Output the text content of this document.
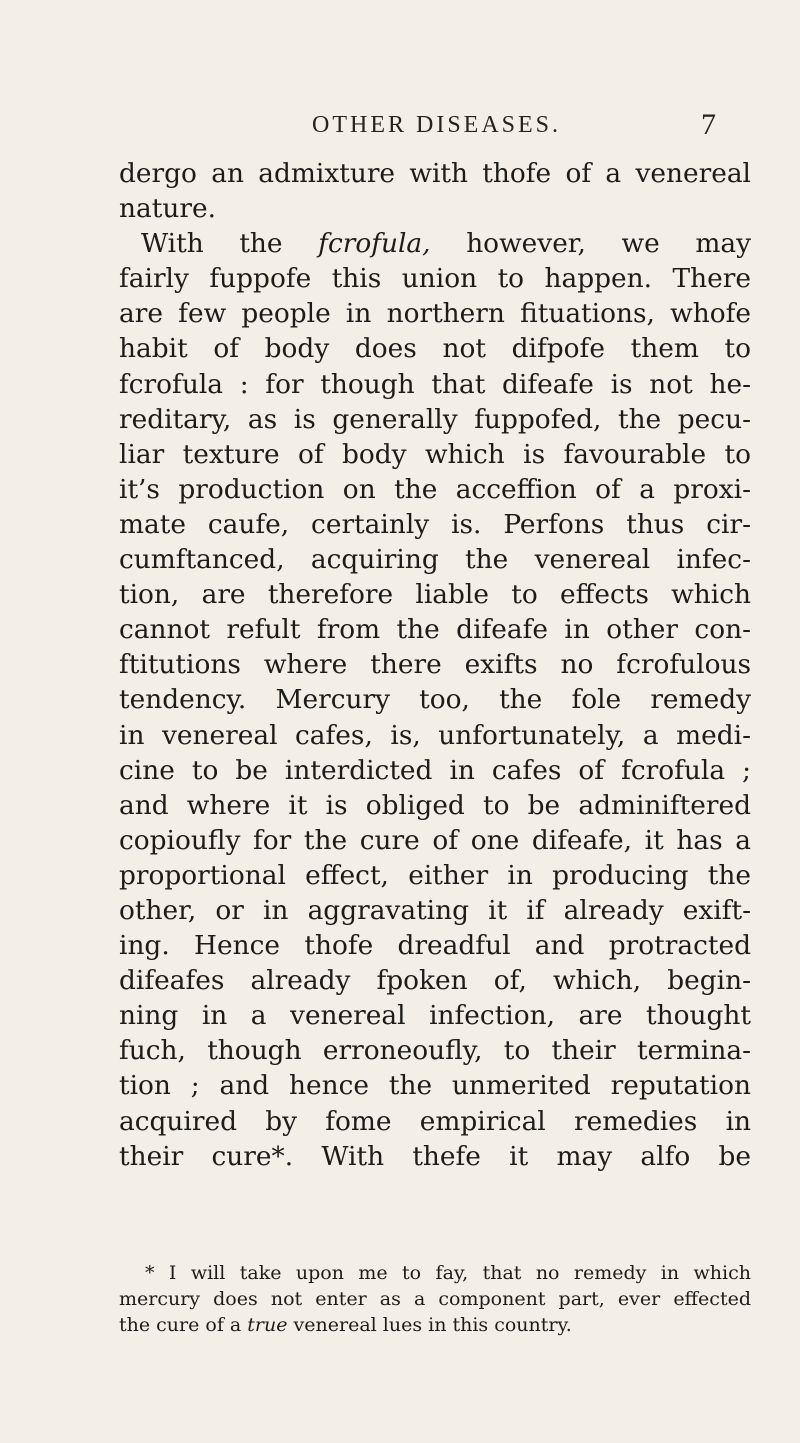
OTHER DISEASES.	7
dergo an admixture with thofe of a venereal
nature.
With the fcrofula, however, we may
fairly fuppofe this union to happen. There
are few people in northern fituations, whofe
habit of body does not difpofe them to
fcrofula : for though that difeafe is not he-
reditary, as is generally fuppofed, the pecu-
liar texture of body which is favourable to
it’s production on the acceffion of a proxi-
mate caufe, certainly is. Perfons thus cir-
cumftanced, acquiring the venereal infec-
tion, are therefore liable to effects which
cannot refult from the difeafe in other con-
ftitutions where there exifts no fcrofulous
tendency. Mercury too, the fole remedy
in venereal cafes, is, unfortunately, a medi-
cine to be interdicted in cafes of fcrofula ;
and where it is obliged to be adminiftered
copioufly for the cure of one difeafe, it has a
proportional effect, either in producing the
other, or in aggravating it if already exift-
ing. Hence thofe dreadful and protracted
difeafes already fpoken of, which, begin-
ning in a venereal infection, are thought
fuch, though erroneoufly, to their termina-
tion ; and hence the unmerited reputation
acquired by fome empirical remedies in
their cure*. With thefe it may alfo be
* I will take upon me to fay, that no remedy in which
mercury does not enter as a component part, ever effected
the cure of a true venereal lues in this country.
